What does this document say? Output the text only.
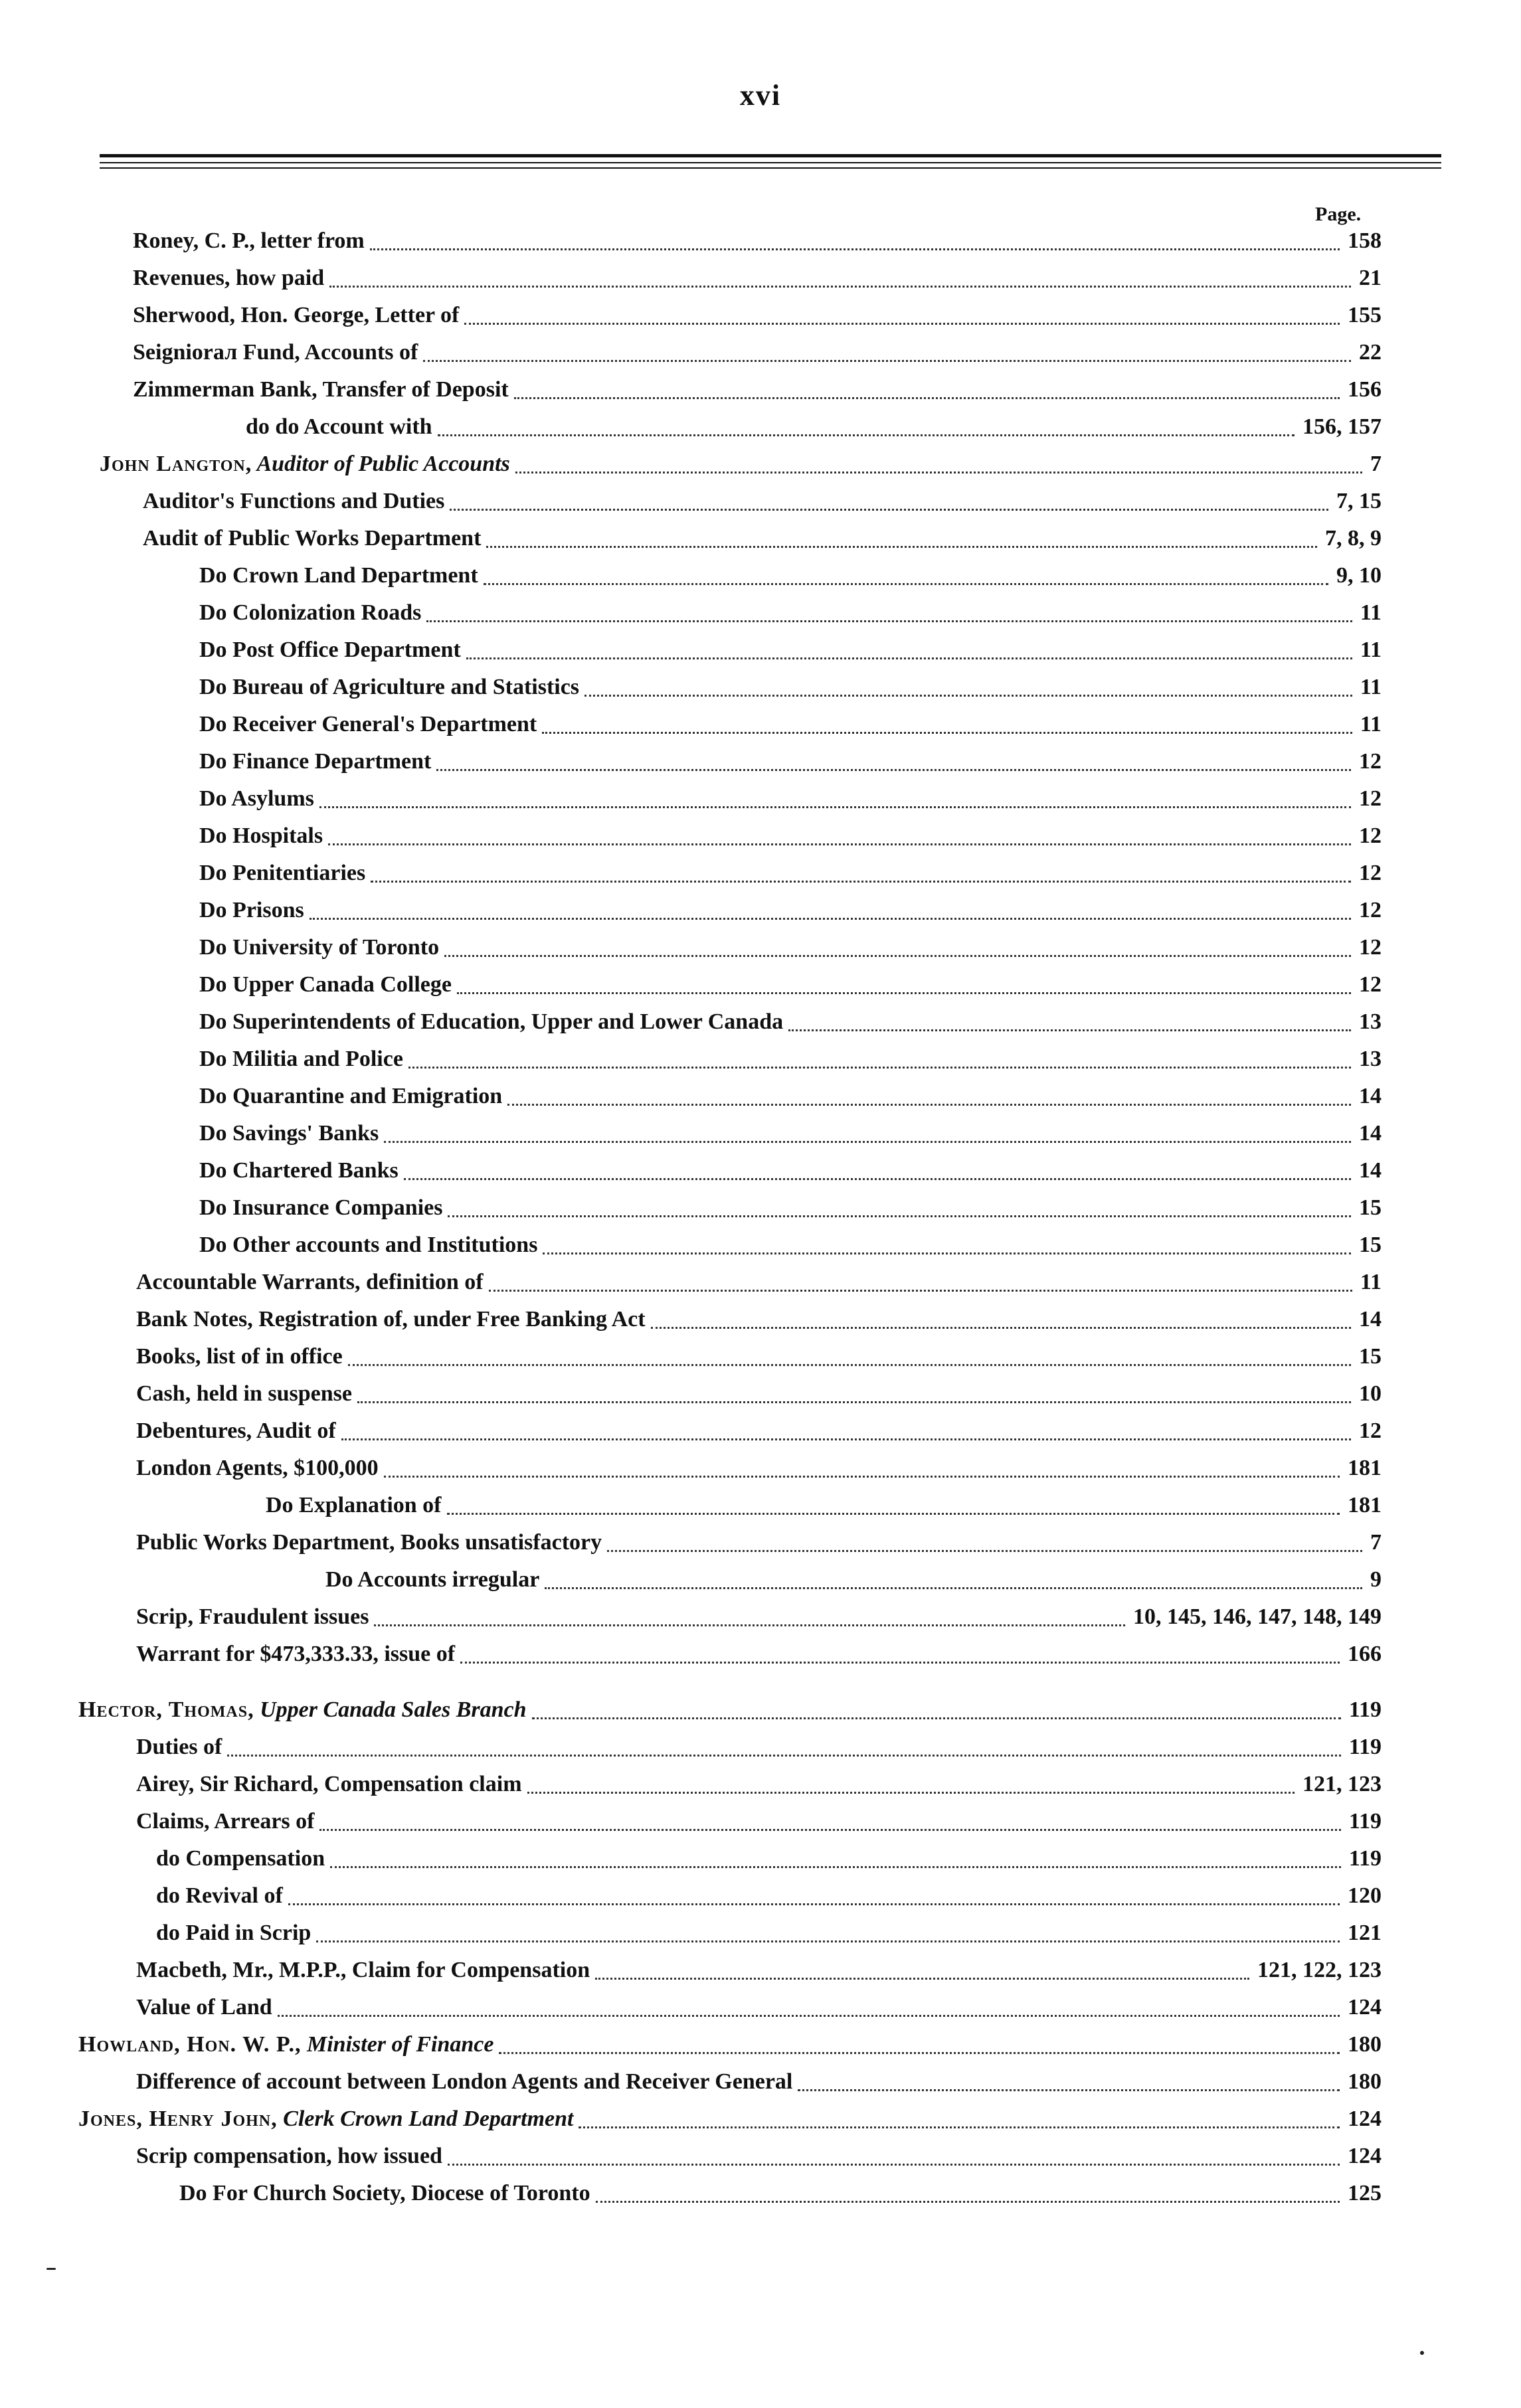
xvi
Page.
Roney, C. P., letter from	158
Revenues, how paid	21
Sherwood, Hon. George, Letter of	155
Seigniorал Fund, Accounts of	22
Zimmerman Bank, Transfer of Deposit	156
do do Account with	156, 157
John Langton, Auditor of Public Accounts	7
Auditor's Functions and Duties	7, 15
Audit of Public Works Department	7, 8, 9
Do Crown Land Department	9, 10
Do Colonization Roads	11
Do Post Office Department	11
Do Bureau of Agriculture and Statistics	11
Do Receiver General's Department	11
Do Finance Department	12
Do Asylums	12
Do Hospitals	12
Do Penitentiaries	12
Do Prisons	12
Do University of Toronto	12
Do Upper Canada College	12
Do Superintendents of Education, Upper and Lower Canada	13
Do Militia and Police	13
Do Quarantine and Emigration	14
Do Savings' Banks	14
Do Chartered Banks	14
Do Insurance Companies	15
Do Other accounts and Institutions	15
Accountable Warrants, definition of	11
Bank Notes, Registration of, under Free Banking Act	14
Books, list of in office	15
Cash, held in suspense	10
Debentures, Audit of	12
London Agents, $100,000	181
Do Explanation of	181
Public Works Department, Books unsatisfactory	7
Do Accounts irregular	9
Scrip, Fraudulent issues	10, 145, 146, 147, 148, 149
Warrant for $473,333.33, issue of	166
Hector, Thomas, Upper Canada Sales Branch	119
Duties of	119
Airey, Sir Richard, Compensation claim	121, 123
Claims, Arrears of	119
do Compensation	119
do Revival of	120
do Paid in Scrip	121
Macbeth, Mr., M.P.P., Claim for Compensation	121, 122, 123
Value of Land	124
Howland, Hon. W. P., Minister of Finance	180
Difference of account between London Agents and Receiver General	180
Jones, Henry John, Clerk Crown Land Department	124
Scrip compensation, how issued	124
Do For Church Society, Diocese of Toronto	125
